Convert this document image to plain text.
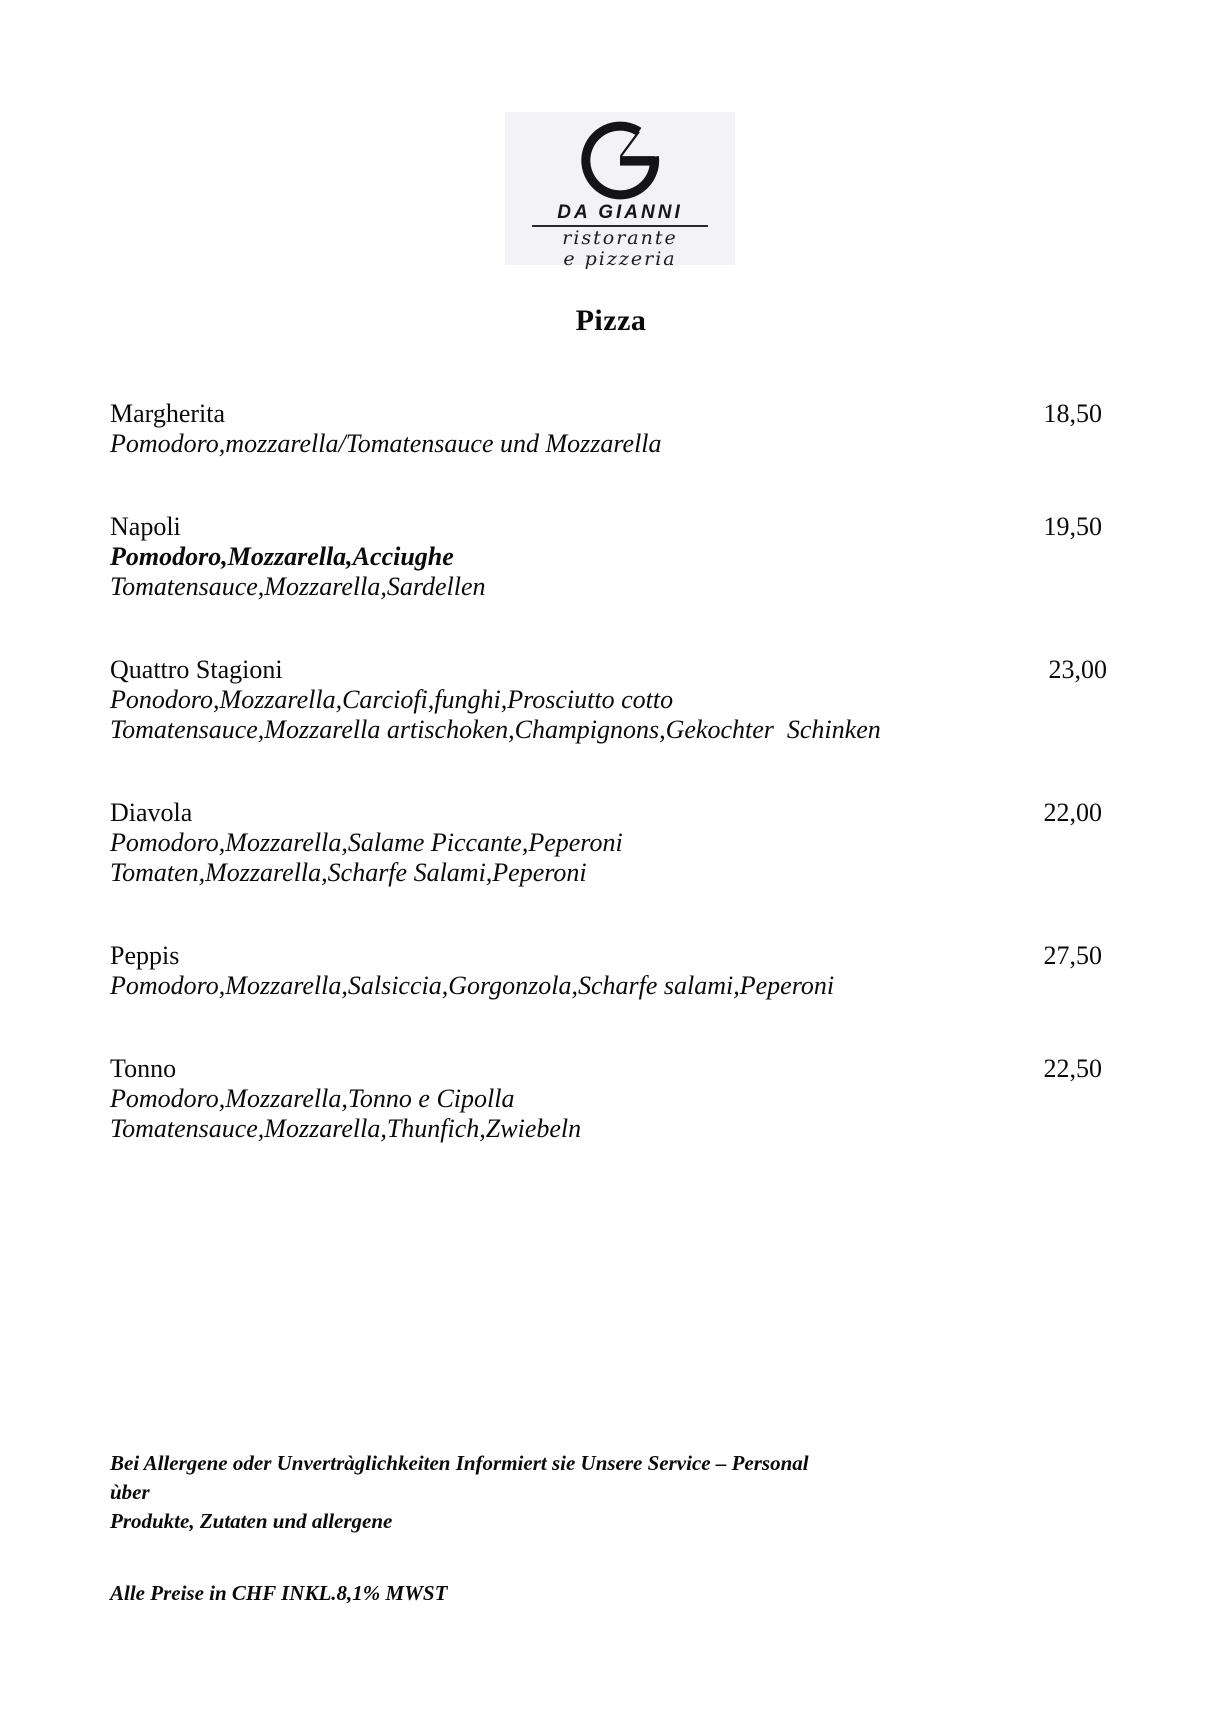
DA GIANNI
ristorante
e pizzeria
Pizza
Margherita	18,50
Pomodoro,mozzarella/Tomatensauce und Mozzarella
Napoli	19,50
Pomodoro,Mozzarella,Acciughe
Tomatensauce,Mozzarella,Sardellen
Quattro Stagioni	23,00
Ponodoro,Mozzarella,Carciofi,funghi,Prosciutto cotto
Tomatensauce,Mozzarella artischoken,Champignons,Gekochter  Schinken
Diavola	22,00
Pomodoro,Mozzarella,Salame Piccante,Peperoni
Tomaten,Mozzarella,Scharfe Salami,Peperoni
Peppis	27,50
Pomodoro,Mozzarella,Salsiccia,Gorgonzola,Scharfe salami,Peperoni
Tonno	22,50
Pomodoro,Mozzarella,Tonno e Cipolla
Tomatensauce,Mozzarella,Thunfich,Zwiebeln
Bei Allergene oder Unvertràglichkeiten Informiert sie Unsere Service – Personal ùber
Produkte, Zutaten und allergene
Alle Preise in CHF INKL.8,1% MWST
